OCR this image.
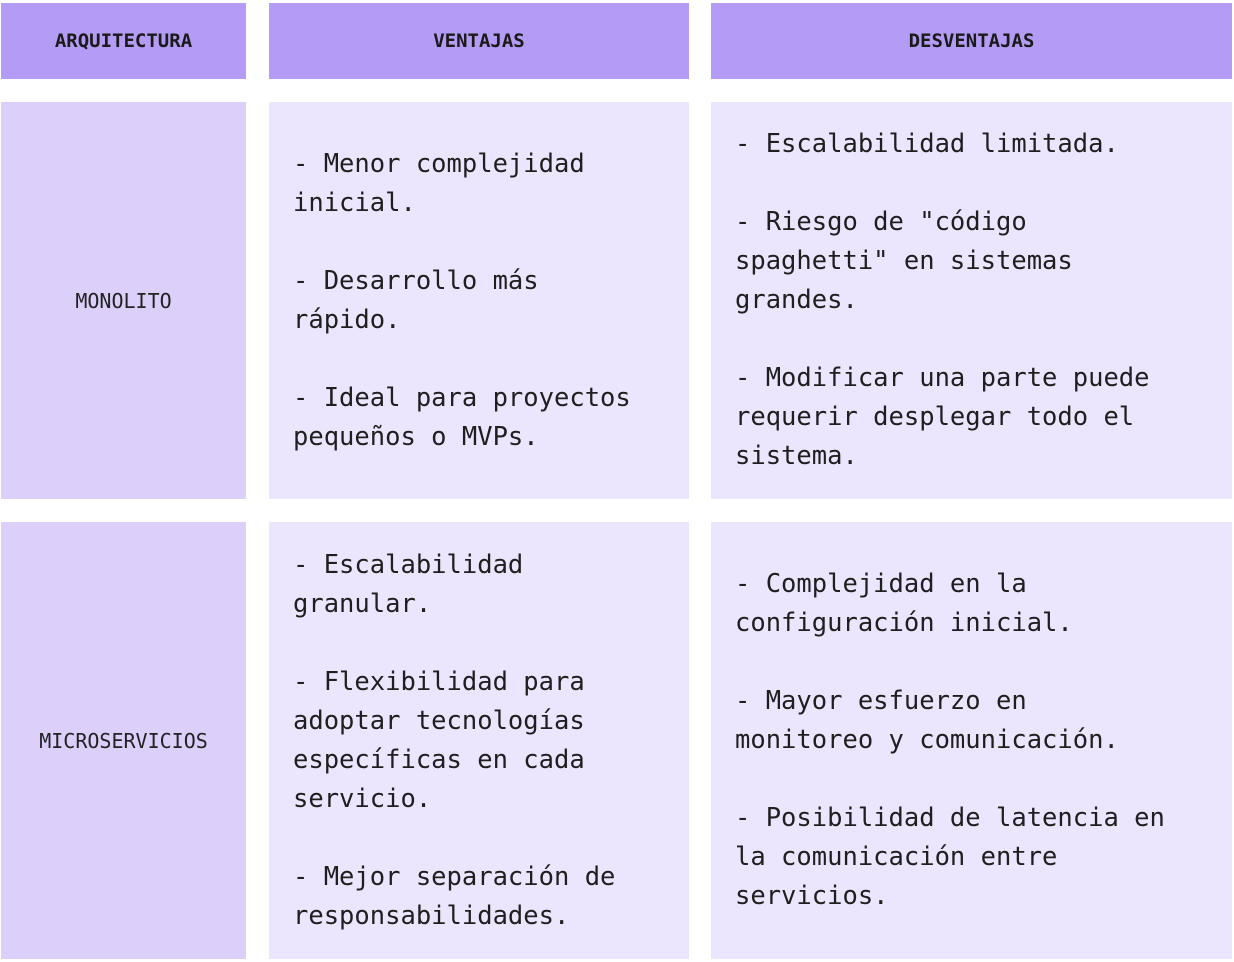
ARQUITECTURA	VENTAJAS	DESVENTAJAS
MONOLITO
- Menor complejidad
inicial.
- Desarrollo más
rápido.
- Ideal para proyectos
pequeños o MVPs.
- Escalabilidad limitada.
- Riesgo de "código
spaghetti" en sistemas
grandes.
- Modificar una parte puede
requerir desplegar todo el
sistema.
MICROSERVICIOS
- Escalabilidad
granular.
- Flexibilidad para
adoptar tecnologías
específicas en cada
servicio.
- Mejor separación de
responsabilidades.
- Complejidad en la
configuración inicial.
- Mayor esfuerzo en
monitoreo y comunicación.
- Posibilidad de latencia en
la comunicación entre
servicios.
